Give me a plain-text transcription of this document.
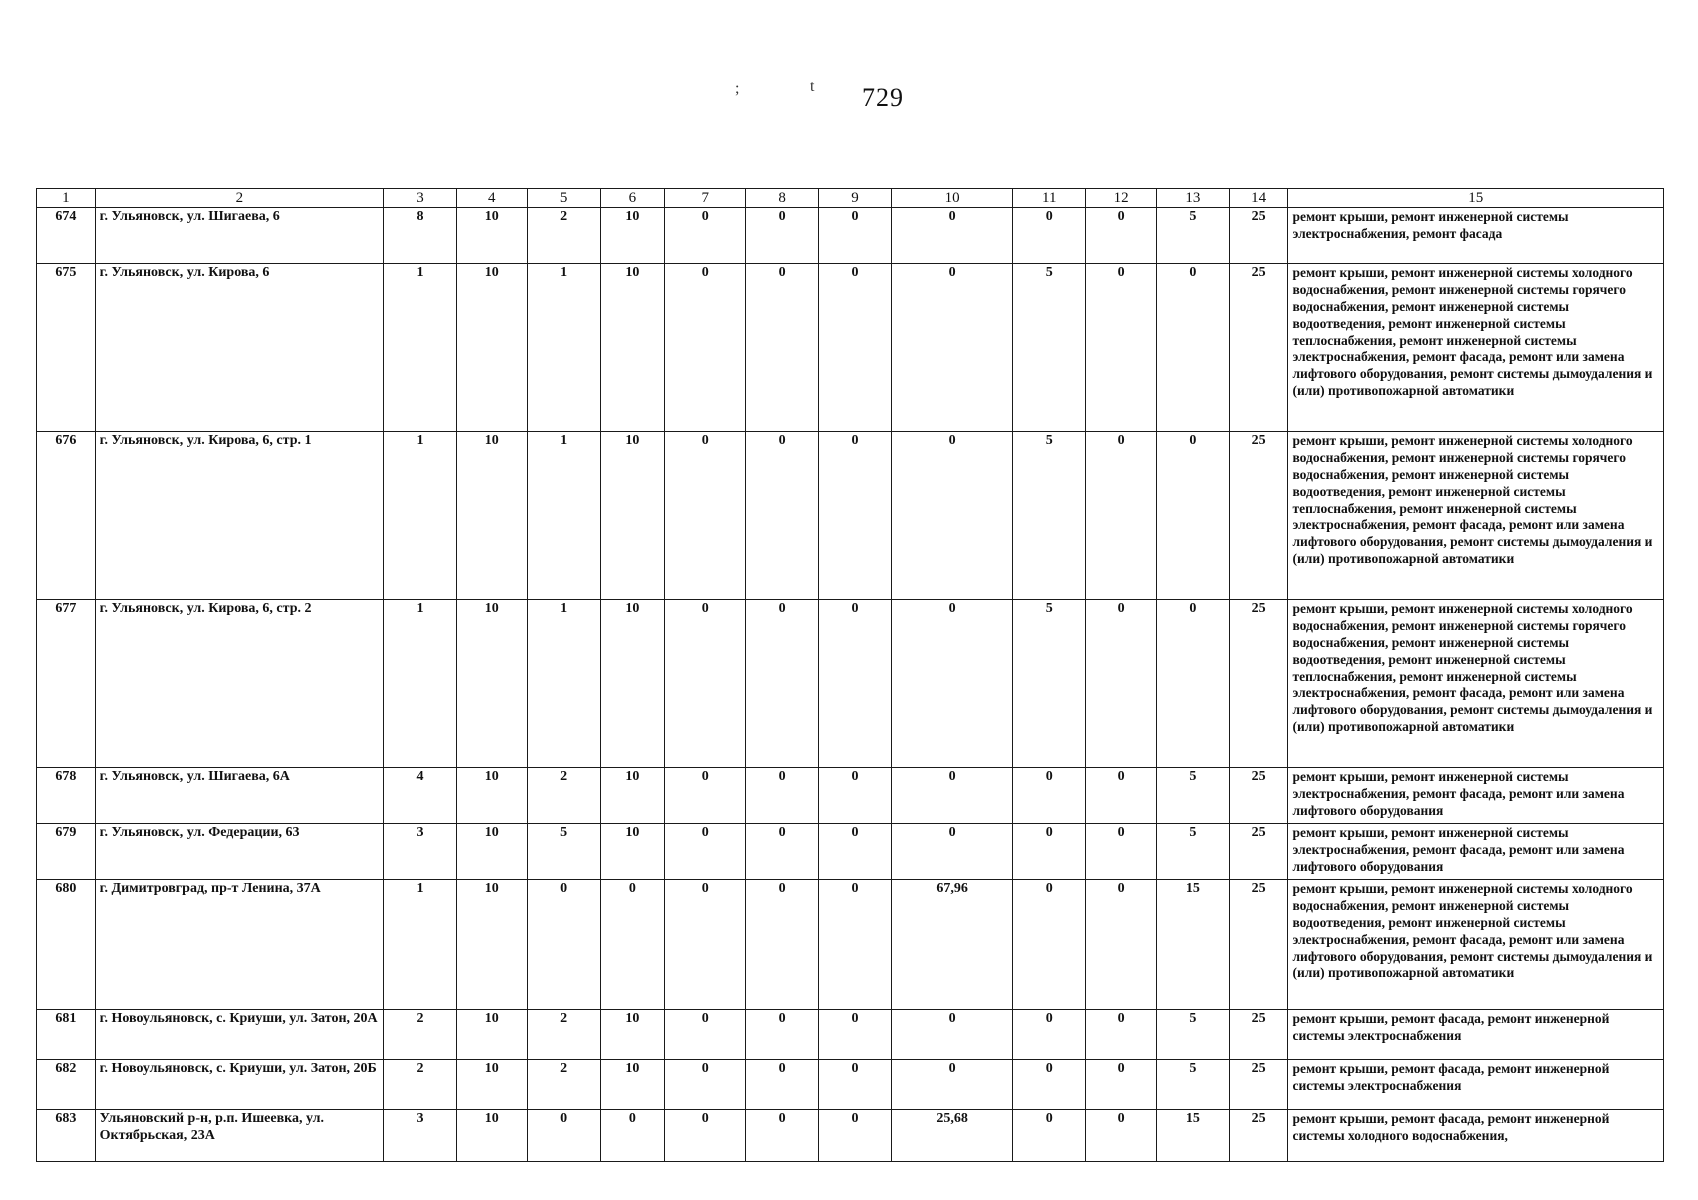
;	t 729
1	2	3	4	5	6	7	8	9	10	11	12	13	14	15
674	г. Ульяновск, ул. Шигаева, 6	8	10	2	10	0	0	0	0	0	0	5	25	ремонт крыши, ремонт инженерной системы электроснабжения, ремонт фасада
675	г. Ульяновск, ул. Кирова, 6	1	10	1	10	0	0	0	0	5	0	0	25	ремонт крыши, ремонт инженерной системы холодного водоснабжения, ремонт инженерной системы горячего водоснабжения, ремонт инженерной системы водоотведения, ремонт инженерной системы теплоснабжения, ремонт инженерной системы электроснабжения, ремонт фасада, ремонт или замена лифтового оборудования, ремонт системы дымоудаления и (или) противопожарной автоматики
676	г. Ульяновск, ул. Кирова, 6, стр. 1	1	10	1	10	0	0	0	0	5	0	0	25	ремонт крыши, ремонт инженерной системы холодного водоснабжения, ремонт инженерной системы горячего водоснабжения, ремонт инженерной системы водоотведения, ремонт инженерной системы теплоснабжения, ремонт инженерной системы электроснабжения, ремонт фасада, ремонт или замена лифтового оборудования, ремонт системы дымоудаления и (или) противопожарной автоматики
677	г. Ульяновск, ул. Кирова, 6, стр. 2	1	10	1	10	0	0	0	0	5	0	0	25	ремонт крыши, ремонт инженерной системы холодного водоснабжения, ремонт инженерной системы горячего водоснабжения, ремонт инженерной системы водоотведения, ремонт инженерной системы теплоснабжения, ремонт инженерной системы электроснабжения, ремонт фасада, ремонт или замена лифтового оборудования, ремонт системы дымоудаления и (или) противопожарной автоматики
678	г. Ульяновск, ул. Шигаева, 6А	4	10	2	10	0	0	0	0	0	0	5	25	ремонт крыши, ремонт инженерной системы электроснабжения, ремонт фасада, ремонт или замена лифтового оборудования
679	г. Ульяновск, ул. Федерации, 63	3	10	5	10	0	0	0	0	0	0	5	25	ремонт крыши, ремонт инженерной системы электроснабжения, ремонт фасада, ремонт или замена лифтового оборудования
680	г. Димитровград, пр-т Ленина, 37А	1	10	0	0	0	0	0	67,96	0	0	15	25	ремонт крыши, ремонт инженерной системы холодного водоснабжения, ремонт инженерной системы водоотведения, ремонт инженерной системы электроснабжения, ремонт фасада, ремонт или замена лифтового оборудования, ремонт системы дымоудаления и (или) противопожарной автоматики
681	г. Новоульяновск, с. Криуши, ул. Затон, 20А	2	10	2	10	0	0	0	0	0	0	5	25	ремонт крыши, ремонт фасада, ремонт инженерной системы электроснабжения
682	г. Новоульяновск, с. Криуши, ул. Затон, 20Б	2	10	2	10	0	0	0	0	0	0	5	25	ремонт крыши, ремонт фасада, ремонт инженерной системы электроснабжения
683	Ульяновский р-н, р.п. Ишеевка, ул. Октябрьская, 23А	3	10	0	0	0	0	0	25,68	0	0	15	25	ремонт крыши, ремонт фасада, ремонт инженерной системы холодного водоснабжения,
